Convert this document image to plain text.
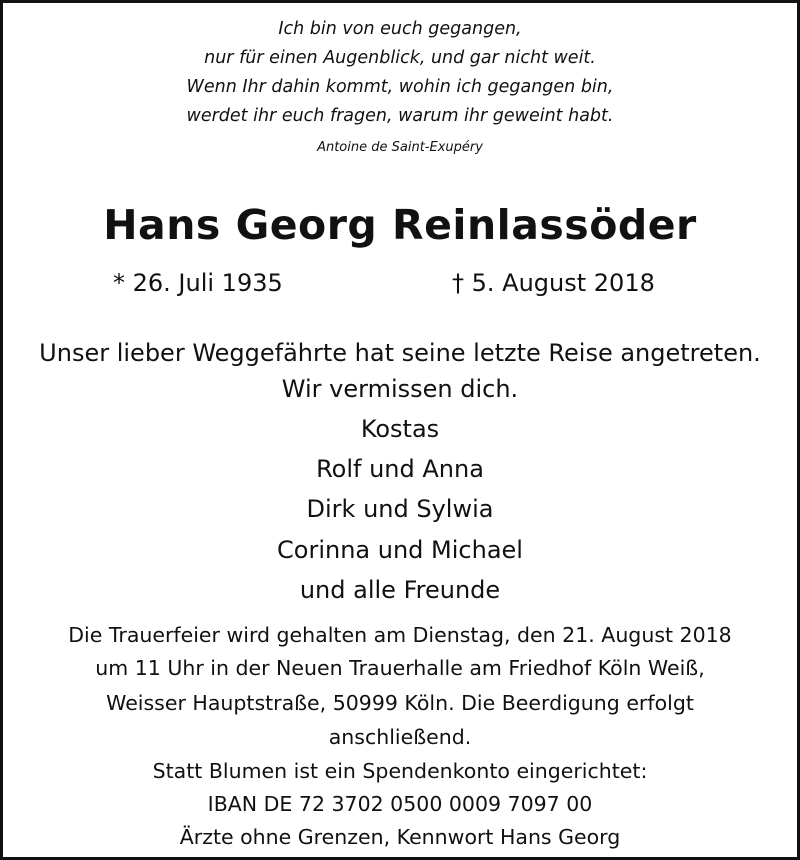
Ich bin von euch gegangen,
nur für einen Augenblick, und gar nicht weit.
Wenn Ihr dahin kommt, wohin ich gegangen bin,
werdet ihr euch fragen, warum ihr geweint habt.
Antoine de Saint-Exupéry
Hans Georg Reinlassöder
* 26. Juli 1935	† 5. August 2018
Unser lieber Weggefährte hat seine letzte Reise angetreten.
Wir vermissen dich.
Kostas
Rolf und Anna
Dirk und Sylwia
Corinna und Michael
und alle Freunde
Die Trauerfeier wird gehalten am Dienstag, den 21. August 2018
um 11 Uhr in der Neuen Trauerhalle am Friedhof Köln Weiß,
Weisser Hauptstraße, 50999 Köln. Die Beerdigung erfolgt
anschließend.
Statt Blumen ist ein Spendenkonto eingerichtet:
IBAN DE 72 3702 0500 0009 7097 00
Ärzte ohne Grenzen, Kennwort Hans Georg
